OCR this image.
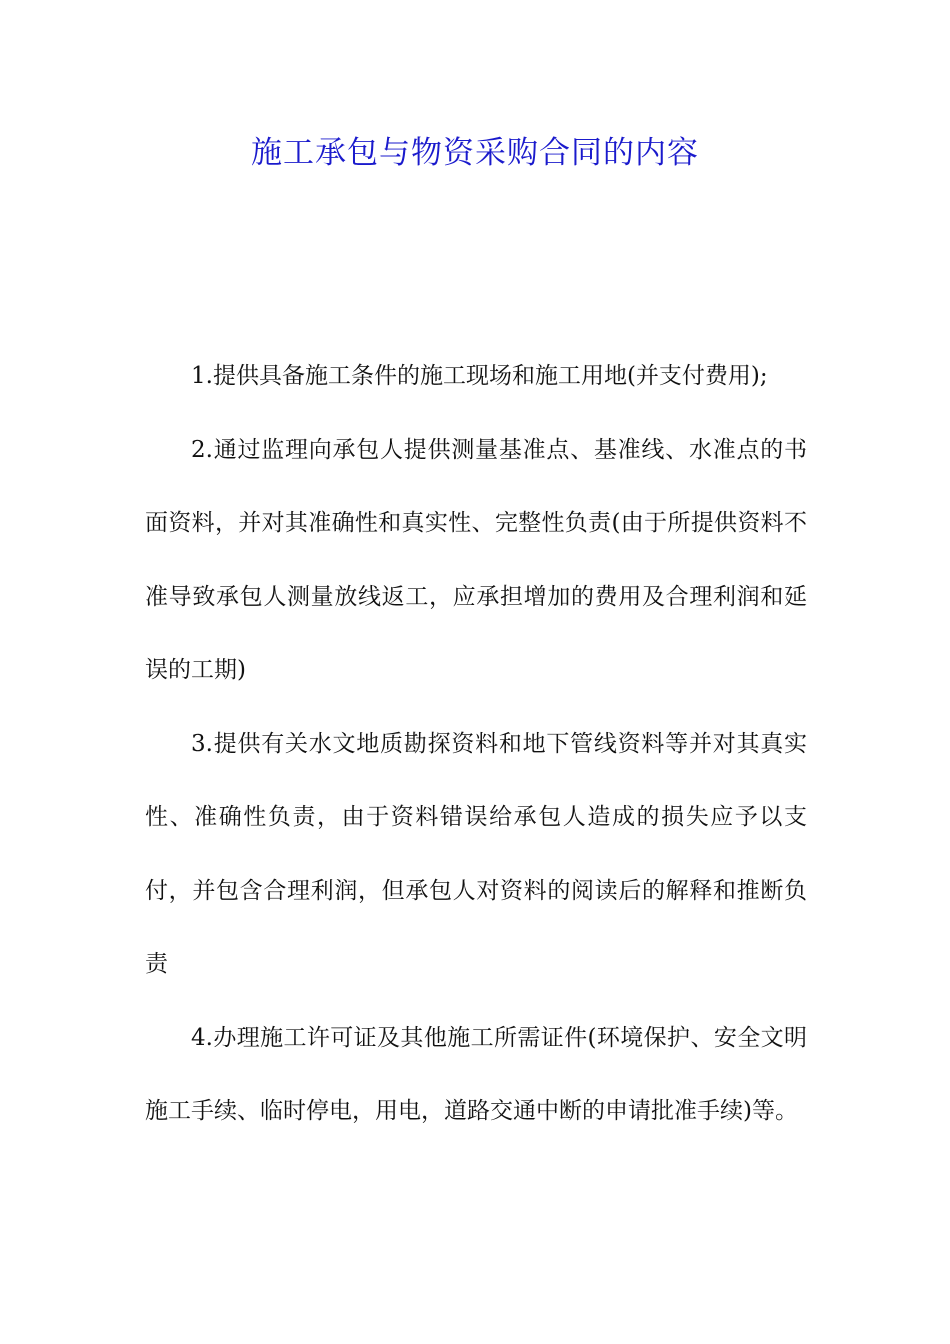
施工承包与物资采购合同的内容

1.提供具备施工条件的施工现场和施工用地(并支付费用);

2.通过监理向承包人提供测量基准点、基准线、水准点的书面资料，并对其准确性和真实性、完整性负责(由于所提供资料不准导致承包人测量放线返工，应承担增加的费用及合理利润和延误的工期)

3.提供有关水文地质勘探资料和地下管线资料等并对其真实性、准确性负责，由于资料错误给承包人造成的损失应予以支付，并包含合理利润，但承包人对资料的阅读后的解释和推断负责

4.办理施工许可证及其他施工所需证件(环境保护、安全文明施工手续、临时停电，用电，道路交通中断的申请批准手续)等。
